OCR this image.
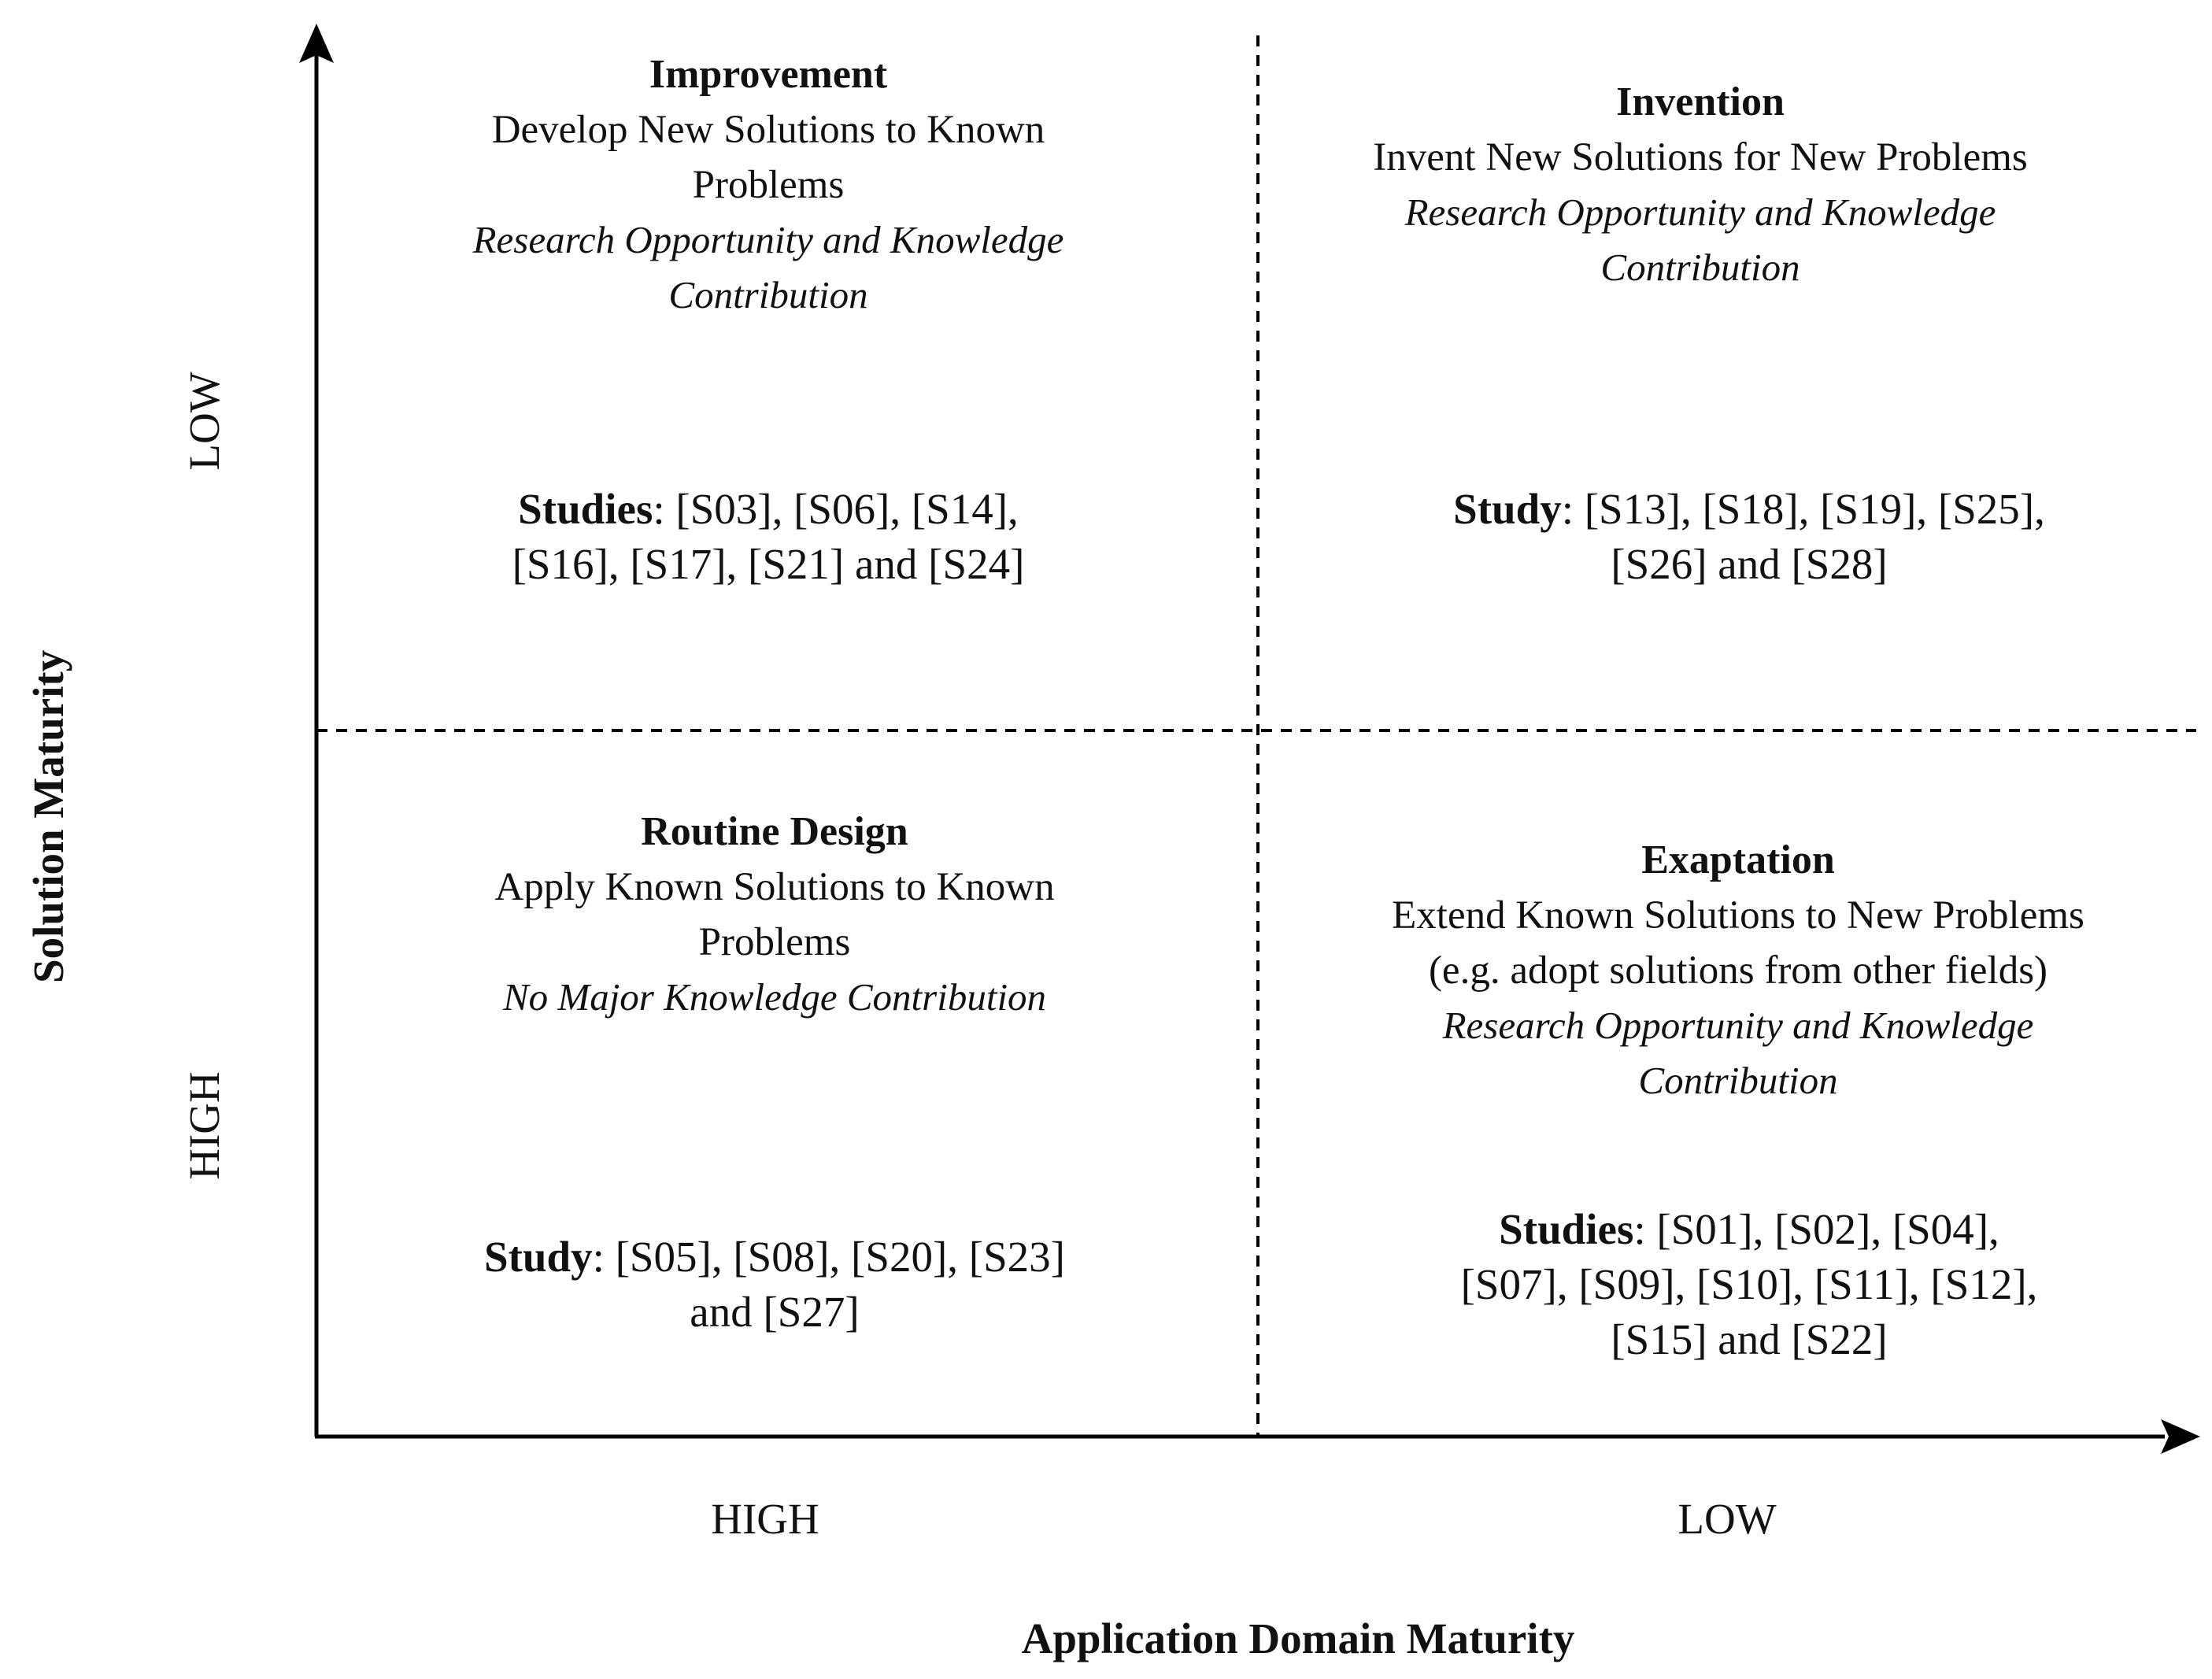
Solution Maturity
LOW
HIGH
HIGH	LOW
Application Domain Maturity
Improvement
Develop New Solutions to Known
Problems
Research Opportunity and Knowledge
Contribution
Studies: [S03], [S06], [S14],
[S16], [S17], [S21] and [S24]
Invention
Invent New Solutions for New Problems
Research Opportunity and Knowledge
Contribution
Study: [S13], [S18], [S19], [S25],
[S26] and [S28]
Routine Design
Apply Known Solutions to Known
Problems
No Major Knowledge Contribution
Study: [S05], [S08], [S20], [S23]
and [S27]
Exaptation
Extend Known Solutions to New Problems
(e.g. adopt solutions from other fields)
Research Opportunity and Knowledge
Contribution
Studies: [S01], [S02], [S04],
[S07], [S09], [S10], [S11], [S12],
[S15] and [S22]
